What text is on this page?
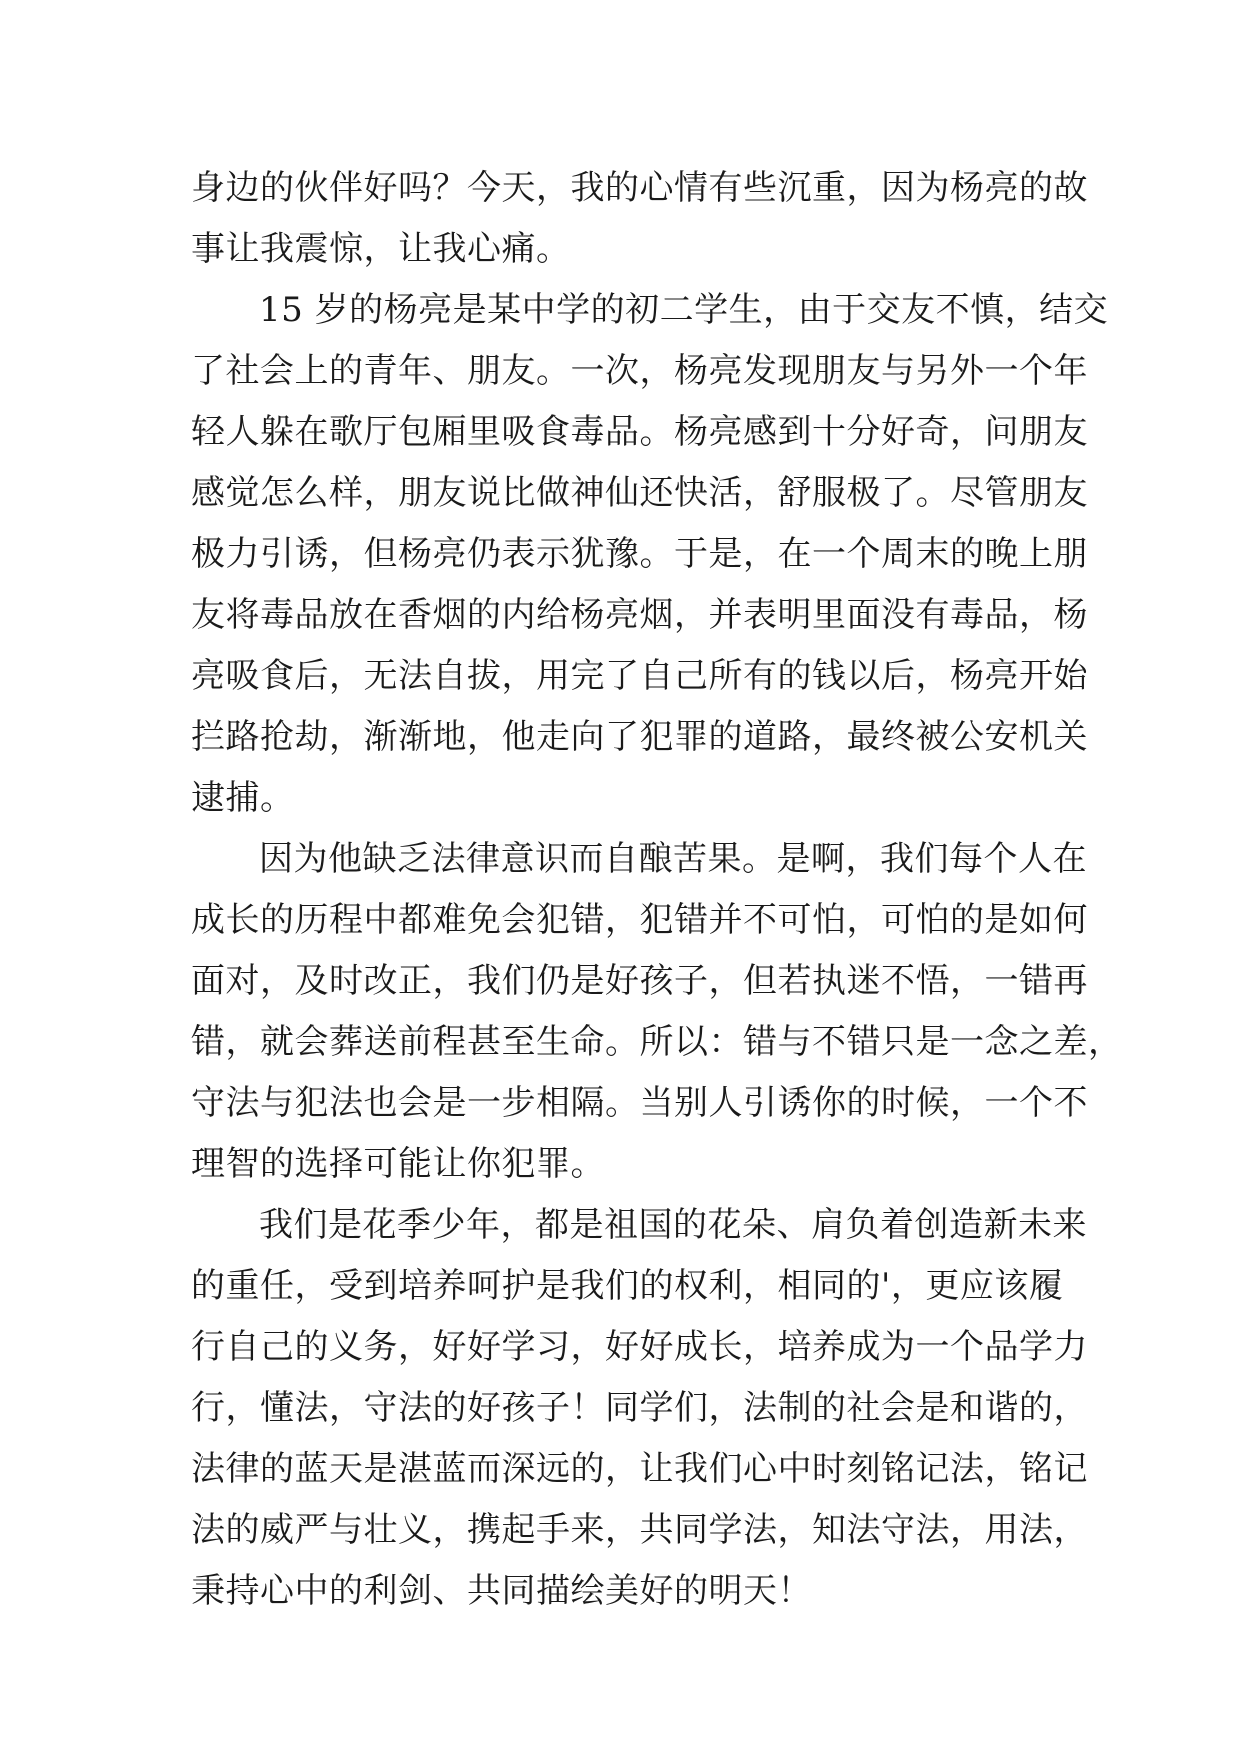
身边的伙伴好吗？今天，我的心情有些沉重，因为杨亮的故
事让我震惊，让我心痛。
15 岁的杨亮是某中学的初二学生，由于交友不慎，结交
了社会上的青年、朋友。一次，杨亮发现朋友与另外一个年
轻人躲在歌厅包厢里吸食毒品。杨亮感到十分好奇，问朋友
感觉怎么样，朋友说比做神仙还快活，舒服极了。尽管朋友
极力引诱，但杨亮仍表示犹豫。于是，在一个周末的晚上朋
友将毒品放在香烟的内给杨亮烟，并表明里面没有毒品，杨
亮吸食后，无法自拔，用完了自己所有的钱以后，杨亮开始
拦路抢劫，渐渐地，他走向了犯罪的道路，最终被公安机关
逮捕。
因为他缺乏法律意识而自酿苦果。是啊，我们每个人在
成长的历程中都难免会犯错，犯错并不可怕，可怕的是如何
面对，及时改正，我们仍是好孩子，但若执迷不悟，一错再
错，就会葬送前程甚至生命。所以：错与不错只是一念之差，
守法与犯法也会是一步相隔。当别人引诱你的时候，一个不
理智的选择可能让你犯罪。
我们是花季少年，都是祖国的花朵、肩负着创造新未来
的重任，受到培养呵护是我们的权利，相同的'，更应该履
行自己的义务，好好学习，好好成长，培养成为一个品学力
行，懂法，守法的好孩子！同学们，法制的社会是和谐的，
法律的蓝天是湛蓝而深远的，让我们心中时刻铭记法，铭记
法的威严与壮义，携起手来，共同学法，知法守法，用法，
秉持心中的利剑、共同描绘美好的明天！
